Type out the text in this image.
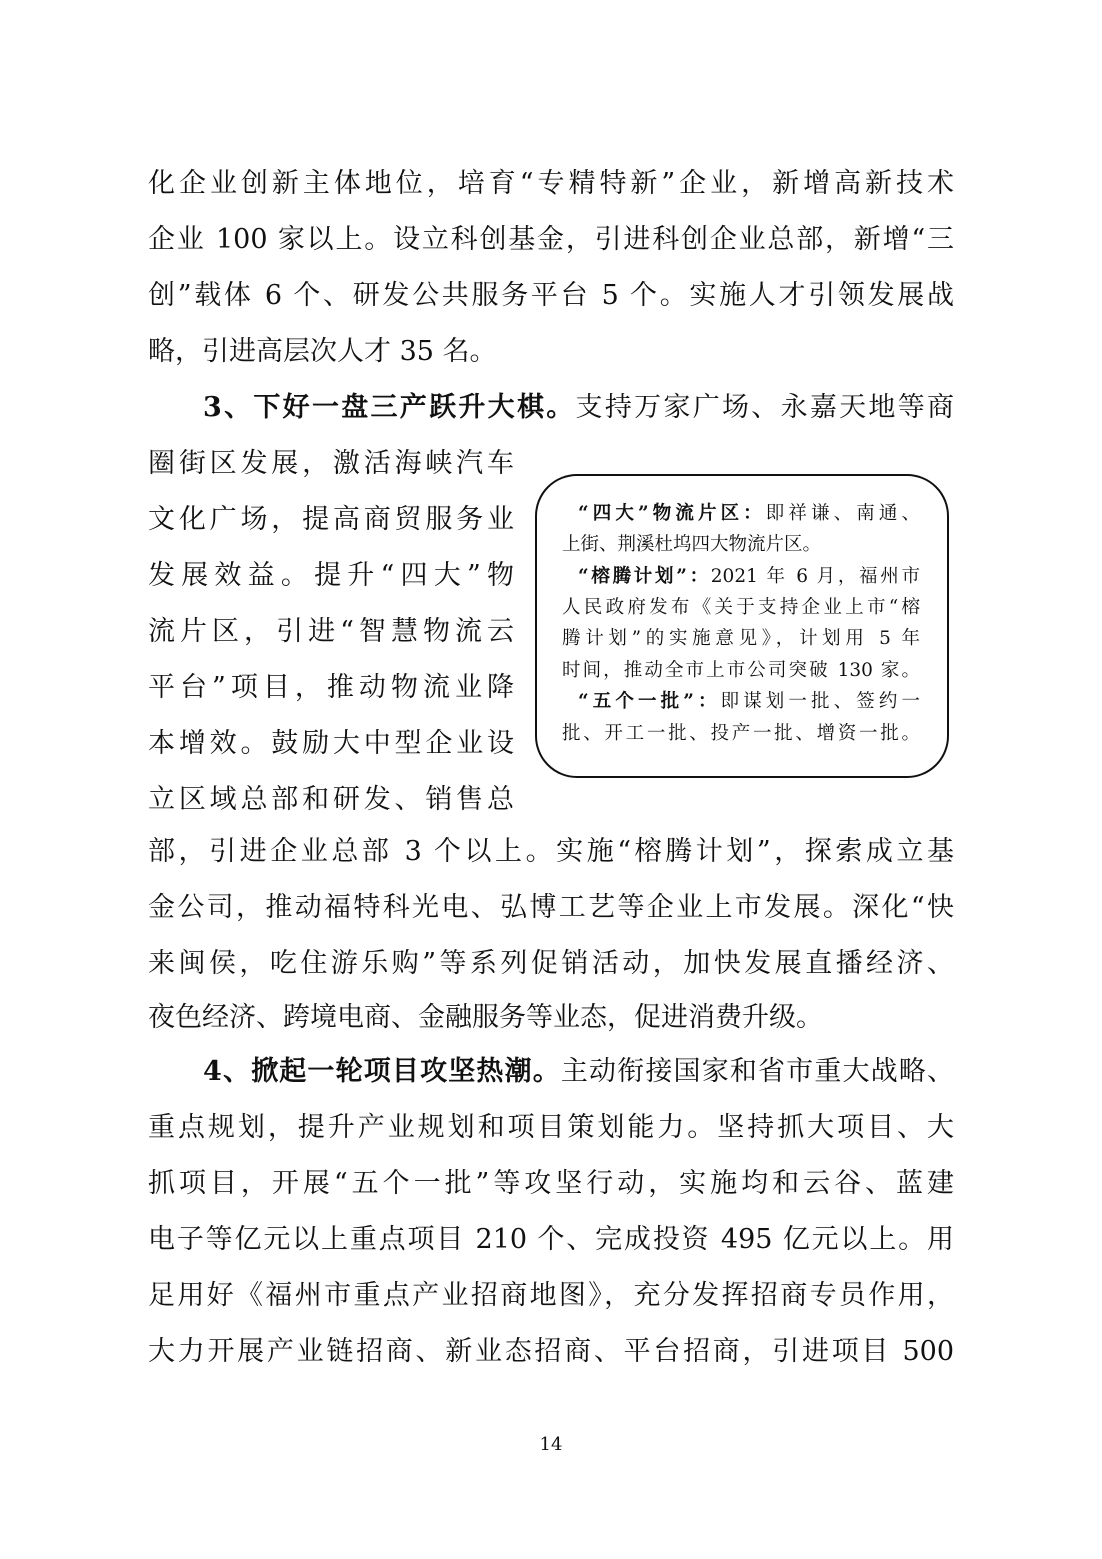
化企业创新主体地位，培育“专精特新”企业，新增高新技术
企业 100 家以上。设立科创基金，引进科创企业总部，新增“三
创”载体 6 个、研发公共服务平台 5 个。实施人才引领发展战
略，引进高层次人才 35 名。
3、下好一盘三产跃升大棋。支持万家广场、永嘉天地等商
圈街区发展，激活海峡汽车
文化广场，提高商贸服务业
发展效益。提升“四大”物
流片区，引进“智慧物流云
平台”项目，推动物流业降
本增效。鼓励大中型企业设
立区域总部和研发、销售总
部，引进企业总部 3 个以上。实施“榕腾计划”，探索成立基
金公司，推动福特科光电、弘博工艺等企业上市发展。深化“快
来闽侯，吃住游乐购”等系列促销活动，加快发展直播经济、
夜色经济、跨境电商、金融服务等业态，促进消费升级。
4、掀起一轮项目攻坚热潮。主动衔接国家和省市重大战略、
重点规划，提升产业规划和项目策划能力。坚持抓大项目、大
抓项目，开展“五个一批”等攻坚行动，实施均和云谷、蓝建
电子等亿元以上重点项目 210 个、完成投资 495 亿元以上。用
足用好《福州市重点产业招商地图》，充分发挥招商专员作用，
大力开展产业链招商、新业态招商、平台招商，引进项目 500
“四大”物流片区：即祥谦、南通、
上街、荆溪杜坞四大物流片区。
“榕腾计划”：2021 年 6 月，福州市
人民政府发布《关于支持企业上市“榕
腾计划”的实施意见》，计划用 5 年
时间，推动全市上市公司突破 130 家。
“五个一批”：即谋划一批、签约一
批、开工一批、投产一批、增资一批。
14
